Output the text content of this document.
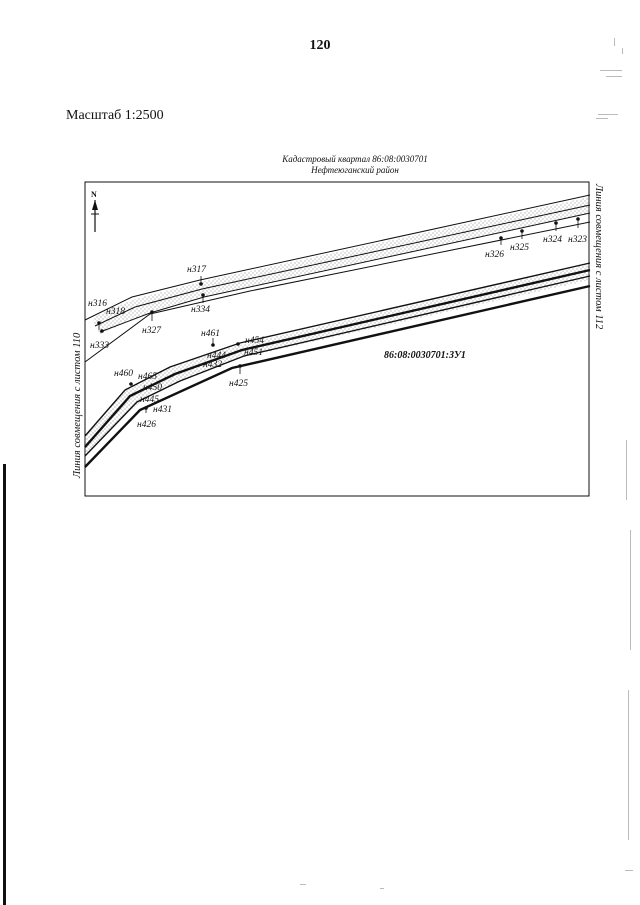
120
Масштаб 1:2500
Кадастровый квартал 86:08:0030701
Нефтеюганский район
N
н316
н317
н318
н327
н333
н334
н326
н325
н324 н323
н461
н454
н444 н451
н432
н425
н460 н465
н450
н445
н431
н426
86:08:0030701:ЗУ1
Линия совмещения с листом 110
Линия совмещения с листом 112
